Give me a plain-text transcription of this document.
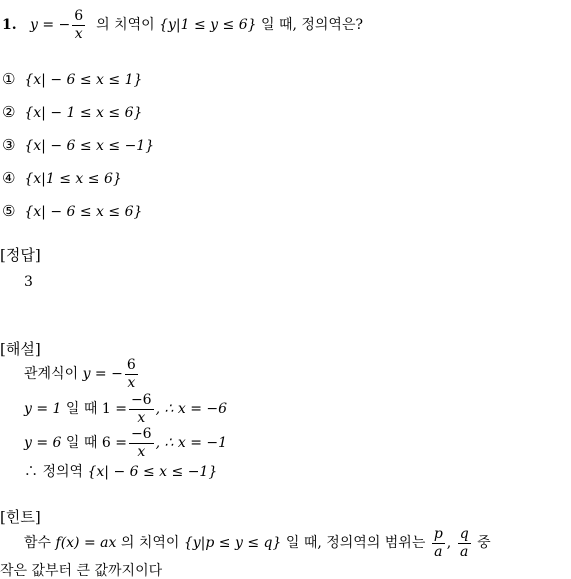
1. y = − $\frac{6}{x}$ 의 치역이 {y|1 ≤ y ≤ 6} 일 때, 정의역은?
① {x| − 6 ≤ x ≤ 1}
② {x| − 1 ≤ x ≤ 6}
③ {x| − 6 ≤ x ≤ −1}
④ {x|1 ≤ x ≤ 6}
⑤ {x| − 6 ≤ x ≤ 6}
[정답]
3
[해설]
관계식이 y = − $\frac{6}{x}$
y = 1 일 때 $1 = \frac{-6}{x}$ , ∴ x = −6
y = 6 일 때 $6 = \frac{-6}{x}$ , ∴ x = −1
∴ 정의역 {x| − 6 ≤ x ≤ −1}
[힌트]
함수 f(x) = ax 의 치역이 {y|p ≤ y ≤ q} 일 때, 정의역의 범위는 $\frac{p}{a}$ , $\frac{q}{a}$ 중
작은 값부터 큰 값까지이다
